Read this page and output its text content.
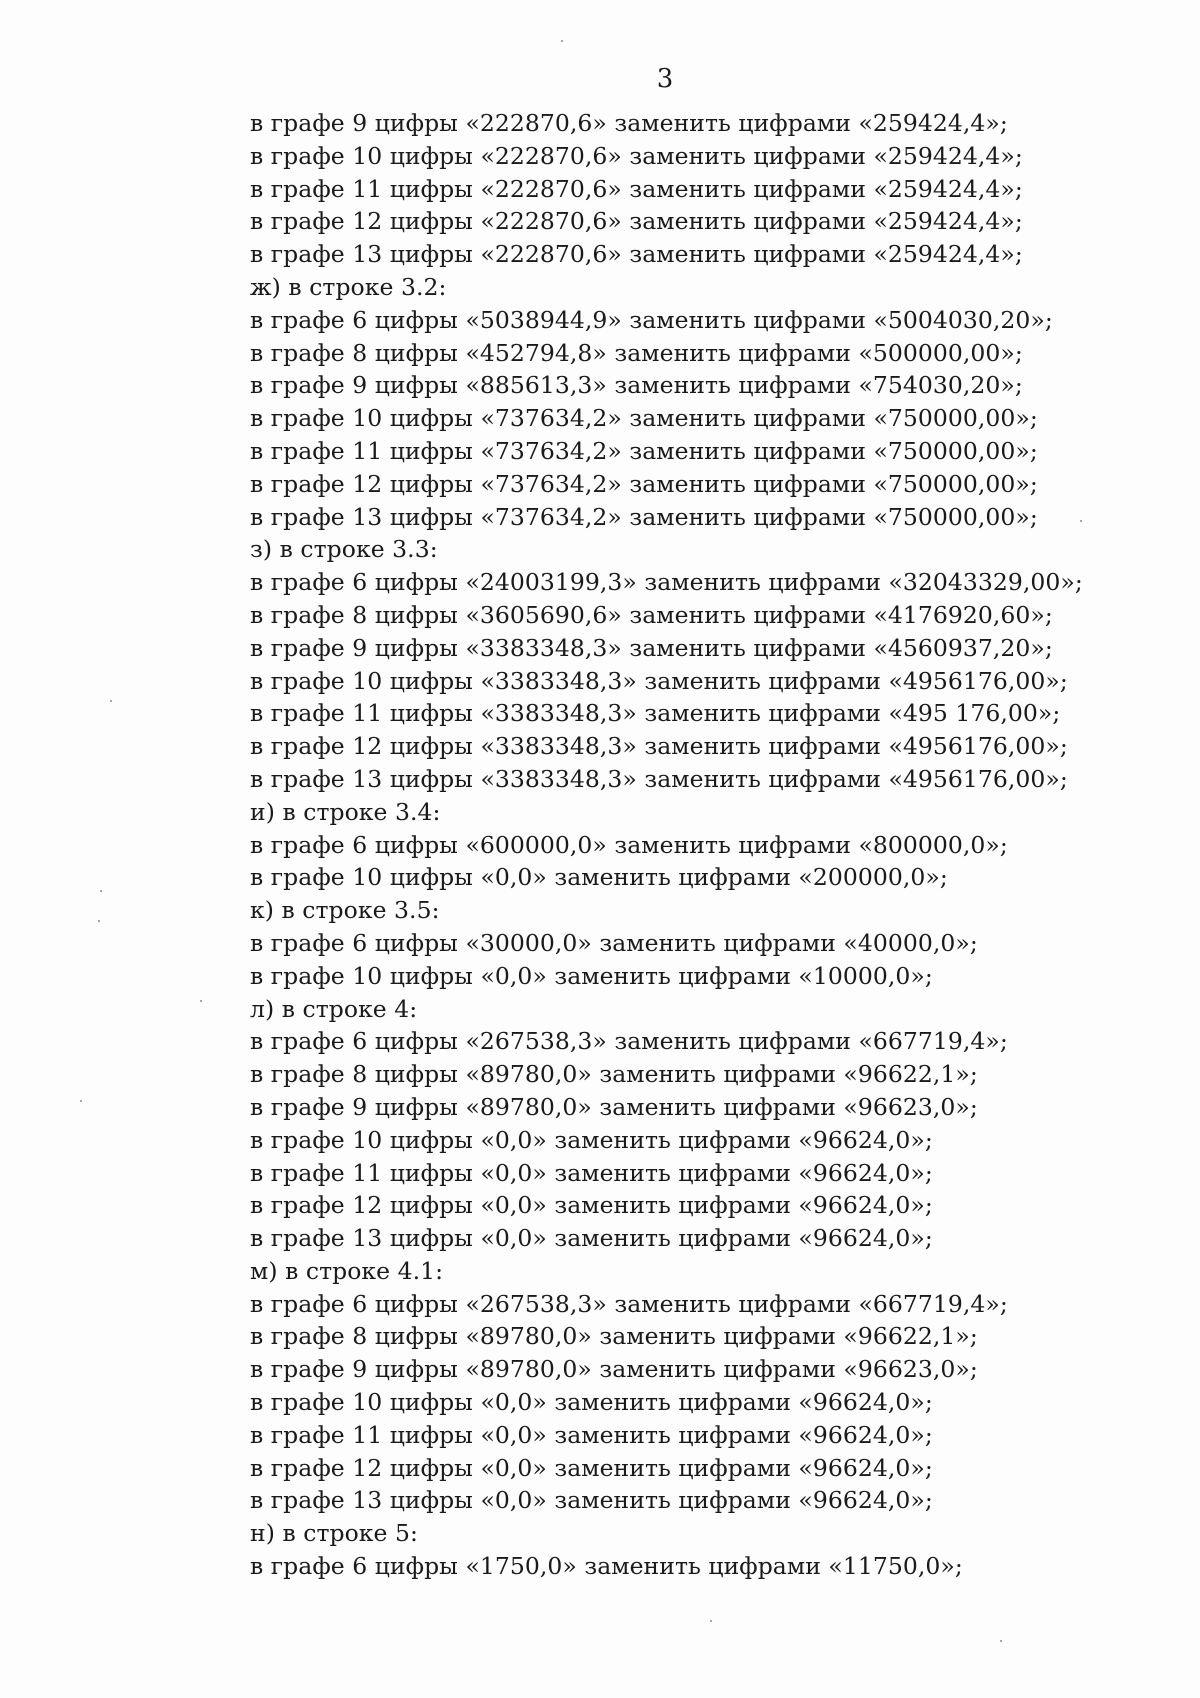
3
в графе 9 цифры «222870,6» заменить цифрами «259424,4»;
в графе 10 цифры «222870,6» заменить цифрами «259424,4»;
в графе 11 цифры «222870,6» заменить цифрами «259424,4»;
в графе 12 цифры «222870,6» заменить цифрами «259424,4»;
в графе 13 цифры «222870,6» заменить цифрами «259424,4»;
ж) в строке 3.2:
в графе 6 цифры «5038944,9» заменить цифрами «5004030,20»;
в графе 8 цифры «452794,8» заменить цифрами «500000,00»;
в графе 9 цифры «885613,3» заменить цифрами «754030,20»;
в графе 10 цифры «737634,2» заменить цифрами «750000,00»;
в графе 11 цифры «737634,2» заменить цифрами «750000,00»;
в графе 12 цифры «737634,2» заменить цифрами «750000,00»;
в графе 13 цифры «737634,2» заменить цифрами «750000,00»;
з) в строке 3.3:
в графе 6 цифры «24003199,3» заменить цифрами «32043329,00»;
в графе 8 цифры «3605690,6» заменить цифрами «4176920,60»;
в графе 9 цифры «3383348,3» заменить цифрами «4560937,20»;
в графе 10 цифры «3383348,3» заменить цифрами «4956176,00»;
в графе 11 цифры «3383348,3» заменить цифрами «495 176,00»;
в графе 12 цифры «3383348,3» заменить цифрами «4956176,00»;
в графе 13 цифры «3383348,3» заменить цифрами «4956176,00»;
и) в строке 3.4:
в графе 6 цифры «600000,0» заменить цифрами «800000,0»;
в графе 10 цифры «0,0» заменить цифрами «200000,0»;
к) в строке 3.5:
в графе 6 цифры «30000,0» заменить цифрами «40000,0»;
в графе 10 цифры «0,0» заменить цифрами «10000,0»;
л) в строке 4:
в графе 6 цифры «267538,3» заменить цифрами «667719,4»;
в графе 8 цифры «89780,0» заменить цифрами «96622,1»;
в графе 9 цифры «89780,0» заменить цифрами «96623,0»;
в графе 10 цифры «0,0» заменить цифрами «96624,0»;
в графе 11 цифры «0,0» заменить цифрами «96624,0»;
в графе 12 цифры «0,0» заменить цифрами «96624,0»;
в графе 13 цифры «0,0» заменить цифрами «96624,0»;
м) в строке 4.1:
в графе 6 цифры «267538,3» заменить цифрами «667719,4»;
в графе 8 цифры «89780,0» заменить цифрами «96622,1»;
в графе 9 цифры «89780,0» заменить цифрами «96623,0»;
в графе 10 цифры «0,0» заменить цифрами «96624,0»;
в графе 11 цифры «0,0» заменить цифрами «96624,0»;
в графе 12 цифры «0,0» заменить цифрами «96624,0»;
в графе 13 цифры «0,0» заменить цифрами «96624,0»;
н) в строке 5:
в графе 6 цифры «1750,0» заменить цифрами «11750,0»;
